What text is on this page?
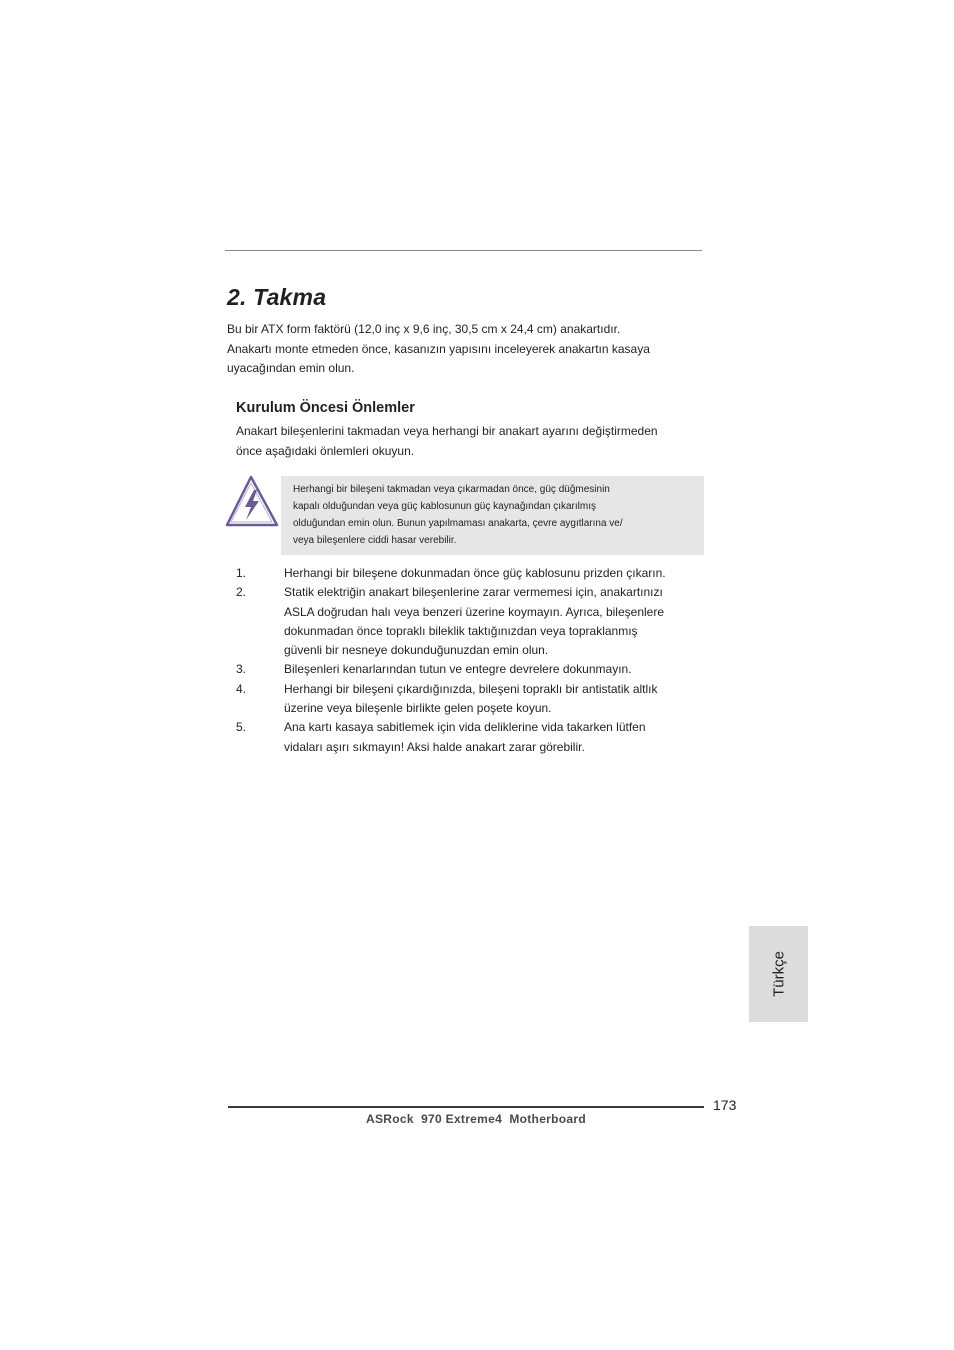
2. Takma

Bu bir ATX form faktörü (12,0 inç x 9,6 inç, 30,5 cm x 24,4 cm) anakartıdır.

Anakartı monte etmeden önce, kasanızın yapısını inceleyerek anakartın kasaya

uyacağından emin olun.

Kurulum Öncesi Önlemler

Anakart bileşenlerini takmadan veya herhangi bir anakart ayarını değiştirmeden

önce aşağıdaki önlemleri okuyun.

Herhangi bir bileşeni takmadan veya çıkarmadan önce, güç düğmesinin

kapalı olduğundan veya güç kablosunun güç kaynağından çıkarılmış

olduğundan emin olun. Bunun yapılmaması anakarta, çevre aygıtlarına ve/

veya bileşenlere ciddi hasar verebilir.

1.	Herhangi bir bileşene dokunmadan önce güç kablosunu prizden çıkarın.

2.	Statik elektriğin anakart bileşenlerine zarar vermemesi için, anakartınızı

ASLA doğrudan halı veya benzeri üzerine koymayın. Ayrıca, bileşenlere

dokunmadan önce topraklı bileklik taktığınızdan veya topraklanmış

güvenli bir nesneye dokunduğunuzdan emin olun.

3.	Bileşenleri kenarlarından tutun ve entegre devrelere dokunmayın.

4.	Herhangi bir bileşeni çıkardığınızda, bileşeni topraklı bir antistatik altlık

üzerine veya bileşenle birlikte gelen poşete koyun.

5.	Ana kartı kasaya sabitlemek için vida deliklerine vida takarken lütfen

vidaları aşırı sıkmayın! Aksi halde anakart zarar görebilir.

Türkçe
173
ASRock  970 Extreme4  Motherboard
